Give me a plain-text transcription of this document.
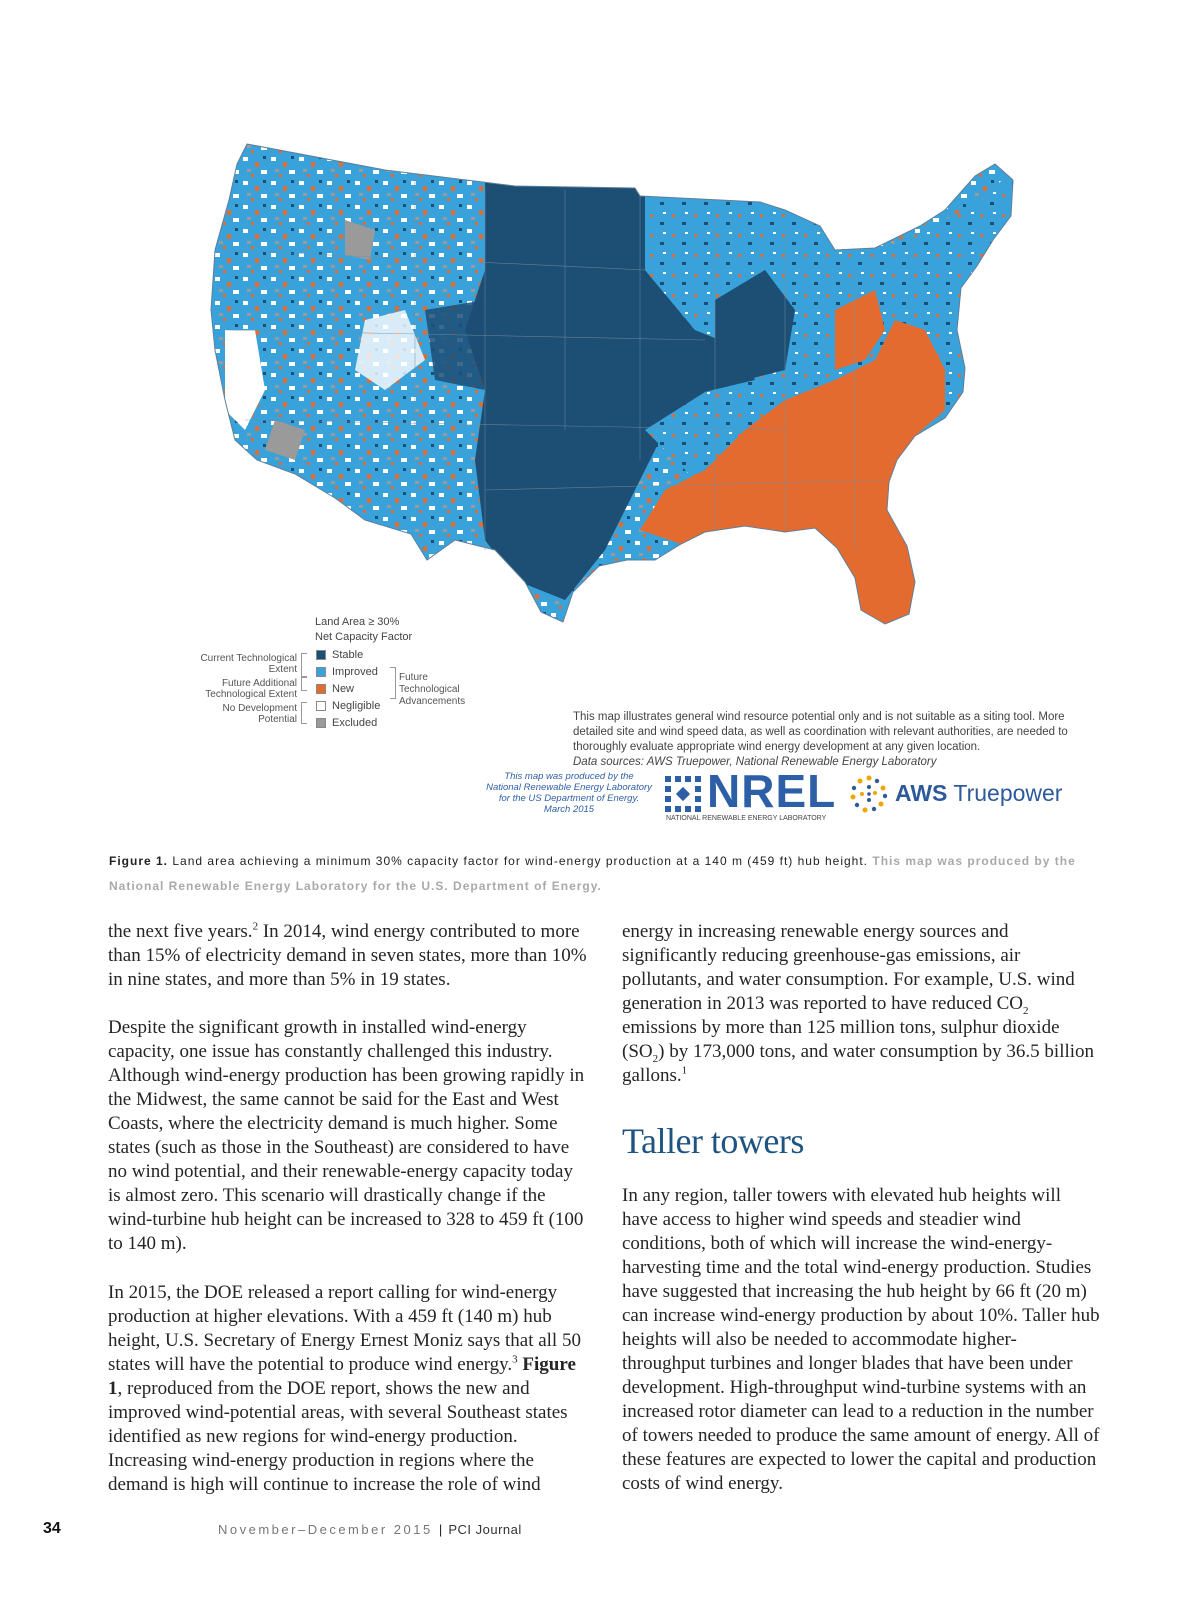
Land Area ≥ 30%
Net Capacity Factor
Current Technological Extent
Future Additional Technological Extent
No Development Potential
Stable
Improved
New
Negligible
Excluded
Future
Technological Advancements

This map illustrates general wind resource potential only and is not suitable as a siting tool. More detailed site and wind speed data, as well as coordination with relevant authorities, are needed to thoroughly evaluate appropriate wind energy development at any given location.
Data sources: AWS Truepower, National Renewable Energy Laboratory

This map was produced by the
National Renewable Energy Laboratory
for the US Department of Energy.
March 2015	NREL
NATIONAL RENEWABLE ENERGY LABORATORY
AWS Truepower

Figure 1. Land area achieving a minimum 30% capacity factor for wind-energy production at a 140 m (459 ft) hub height. This map was produced by the National Renewable Energy Laboratory for the U.S. Department of Energy.

the next five years.$^2$ In 2014, wind energy contributed to more than 15% of electricity demand in seven states, more than 10% in nine states, and more than 5% in 19 states.

Despite the significant growth in installed wind-energy capacity, one issue has constantly challenged this industry. Although wind-energy production has been growing rapidly in the Midwest, the same cannot be said for the East and West Coasts, where the electricity demand is much higher. Some states (such as those in the Southeast) are considered to have no wind potential, and their renewable-energy capacity today is almost zero. This scenario will drastically change if the wind-turbine hub height can be increased to 328 to 459 ft (100 to 140 m).

In 2015, the DOE released a report calling for wind-energy production at higher elevations. With a 459 ft (140 m) hub height, U.S. Secretary of Energy Ernest Moniz says that all 50 states will have the potential to produce wind energy.$^3$ Figure 1, reproduced from the DOE report, shows the new and improved wind-potential areas, with several Southeast states identified as new regions for wind-energy production. Increasing wind-energy production in regions where the demand is high will continue to increase the role of wind

energy in increasing renewable energy sources and significantly reducing greenhouse-gas emissions, air pollutants, and water consumption. For example, U.S. wind generation in 2013 was reported to have reduced $CO_2$ emissions by more than 125 million tons, sulphur dioxide $(SO_2)$ by 173,000 tons, and water consumption by 36.5 billion gallons.$^1$

Taller towers

In any region, taller towers with elevated hub heights will have access to higher wind speeds and steadier wind conditions, both of which will increase the wind-energy-harvesting time and the total wind-energy production. Studies have suggested that increasing the hub height by 66 ft (20 m) can increase wind-energy production by about 10%. Taller hub heights will also be needed to accommodate higher-throughput turbines and longer blades that have been under development. High-throughput wind-turbine systems with an increased rotor diameter can lead to a reduction in the number of towers needed to produce the same amount of energy. All of these features are expected to lower the capital and production costs of wind energy.

34	November–December 2015 | PCI Journal
